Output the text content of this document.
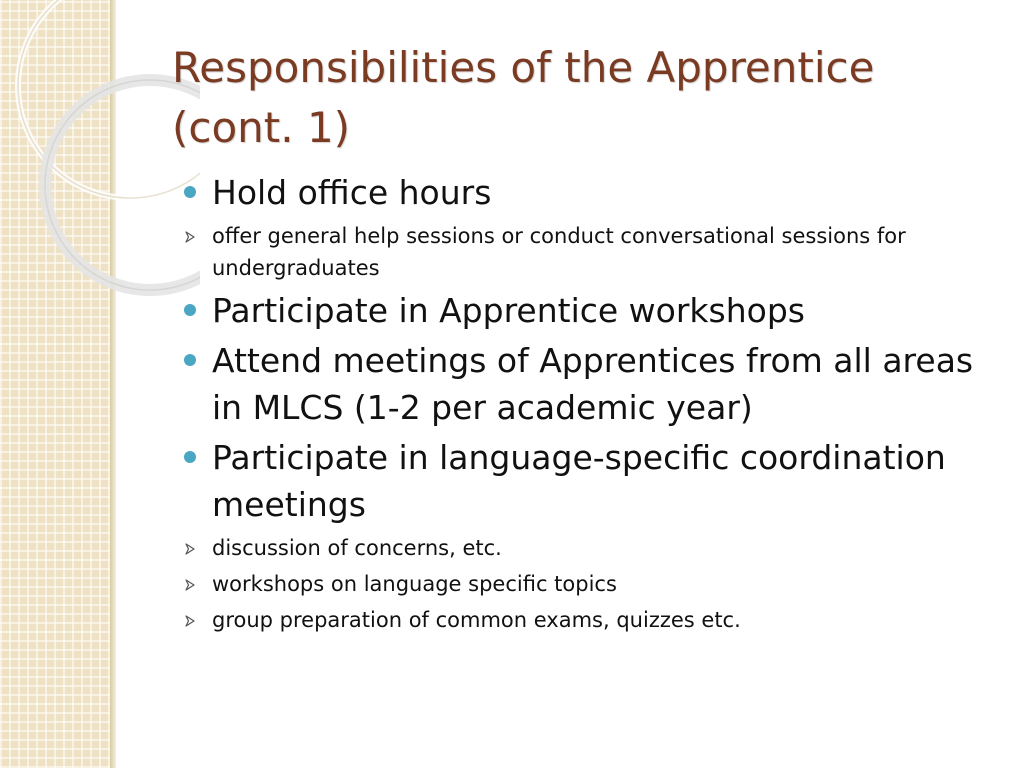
Responsibilities of the Apprentice (cont. 1)
Hold office hours
offer general help sessions or conduct conversational sessions for undergraduates
Participate in Apprentice workshops
Attend meetings of Apprentices from all areas in MLCS (1-2 per academic year)
Participate in language-specific coordination meetings
discussion of concerns, etc.
workshops on language specific topics
group preparation of common exams, quizzes etc.
